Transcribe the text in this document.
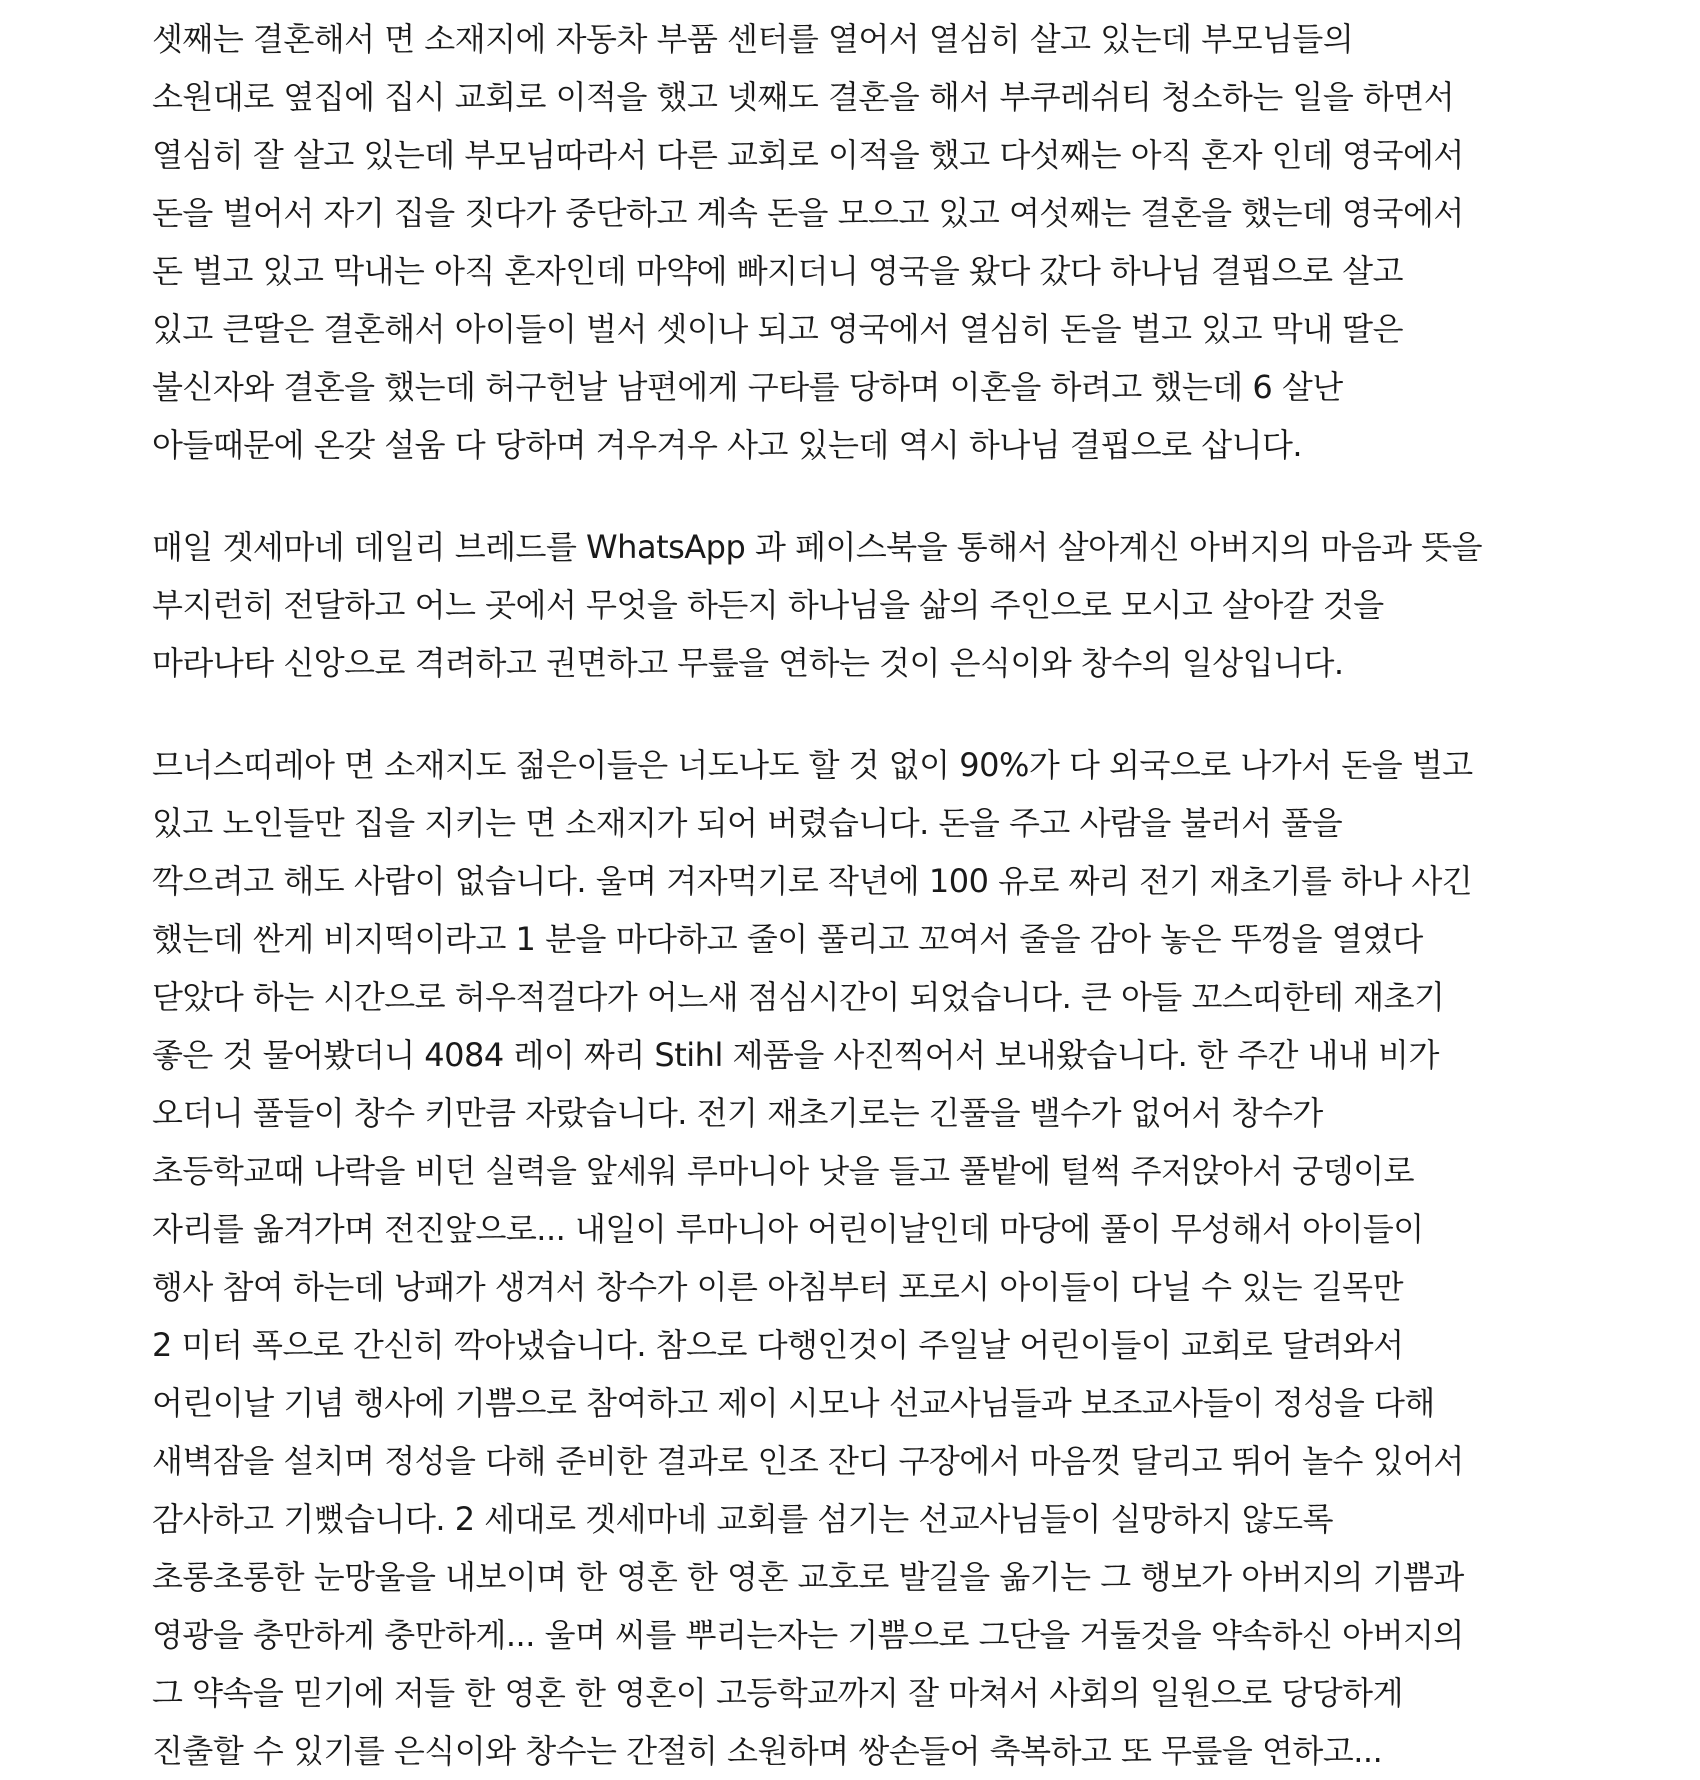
셋째는 결혼해서 면 소재지에 자동차 부품 센터를 열어서 열심히 살고 있는데 부모님들의
소원대로 옆집에 집시 교회로 이적을 했고 넷째도 결혼을 해서 부쿠레쉬티 청소하는 일을 하면서
열심히 잘 살고 있는데 부모님따라서 다른 교회로 이적을 했고 다섯째는 아직 혼자 인데 영국에서
돈을 벌어서 자기 집을 짓다가 중단하고 계속 돈을 모으고 있고 여섯째는 결혼을 했는데 영국에서
돈 벌고 있고 막내는 아직 혼자인데 마약에 빠지더니 영국을 왔다 갔다 하나님 결핍으로 살고
있고 큰딸은 결혼해서 아이들이 벌서 셋이나 되고 영국에서 열심히 돈을 벌고 있고 막내 딸은
불신자와 결혼을 했는데 허구헌날 남편에게 구타를 당하며 이혼을 하려고 했는데 6 살난
아들때문에 온갖 설움 다 당하며 겨우겨우 사고 있는데 역시 하나님 결핍으로 삽니다.
매일 겟세마네 데일리 브레드를 WhatsApp 과 페이스북을 통해서 살아계신 아버지의 마음과 뜻을
부지런히 전달하고 어느 곳에서 무엇을 하든지 하나님을 삶의 주인으로 모시고 살아갈 것을
마라나타 신앙으로 격려하고 권면하고 무릎을 연하는 것이 은식이와 창수의 일상입니다.
므너스띠레아 면 소재지도 젊은이들은 너도나도 할 것 없이 90%가 다 외국으로 나가서 돈을 벌고
있고 노인들만 집을 지키는 면 소재지가 되어 버렸습니다. 돈을 주고 사람을 불러서 풀을
깍으려고 해도 사람이 없습니다. 울며 겨자먹기로 작년에 100 유로 짜리 전기 재초기를 하나 사긴
했는데 싼게 비지떡이라고 1 분을 마다하고 줄이 풀리고 꼬여서 줄을 감아 놓은 뚜껑을 열였다
닫았다 하는 시간으로 허우적걸다가 어느새 점심시간이 되었습니다. 큰 아들 꼬스띠한테 재초기
좋은 것 물어봤더니 4084 레이 짜리 Stihl 제품을 사진찍어서 보내왔습니다. 한 주간 내내 비가
오더니 풀들이 창수 키만큼 자랐습니다. 전기 재초기로는 긴풀을 밸수가 없어서 창수가
초등학교때 나락을 비던 실력을 앞세워 루마니아 낫을 들고 풀밭에 털썩 주저앉아서 궁뎅이로
자리를 옮겨가며 전진앞으로... 내일이 루마니아 어린이날인데 마당에 풀이 무성해서 아이들이
행사 참여 하는데 낭패가 생겨서 창수가 이른 아침부터 포로시 아이들이 다닐 수 있는 길목만
2 미터 폭으로 간신히 깍아냈습니다. 참으로 다행인것이 주일날 어린이들이 교회로 달려와서
어린이날 기념 행사에 기쁨으로 참여하고 제이 시모나 선교사님들과 보조교사들이 정성을 다해
새벽잠을 설치며 정성을 다해 준비한 결과로 인조 잔디 구장에서 마음껏 달리고 뛰어 놀수 있어서
감사하고 기뻤습니다. 2 세대로 겟세마네 교회를 섬기는 선교사님들이 실망하지 않도록
초롱초롱한 눈망울을 내보이며 한 영혼 한 영혼 교호로 발길을 옮기는 그 행보가 아버지의 기쁨과
영광을 충만하게 충만하게... 울며 씨를 뿌리는자는 기쁨으로 그단을 거둘것을 약속하신 아버지의
그 약속을 믿기에 저들 한 영혼 한 영혼이 고등학교까지 잘 마쳐서 사회의 일원으로 당당하게
진출할 수 있기를 은식이와 창수는 간절히 소원하며 쌍손들어 축복하고 또 무릎을 연하고...
